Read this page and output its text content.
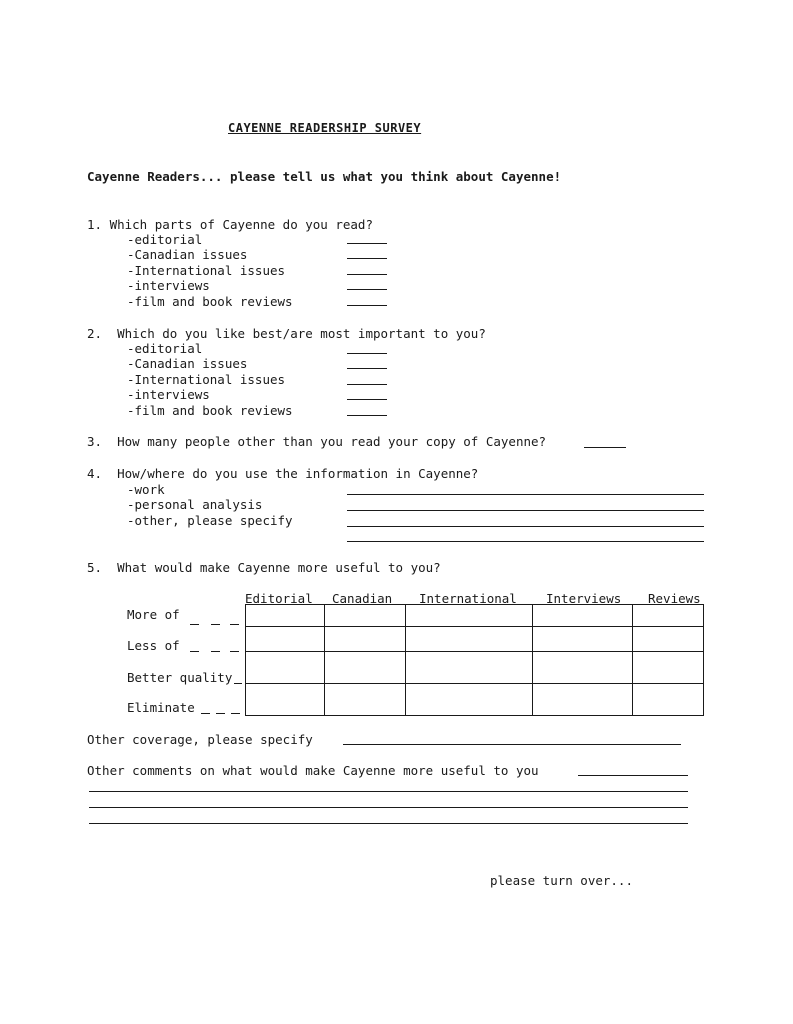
CAYENNE READERSHIP SURVEY
Cayenne Readers... please tell us what you think about Cayenne!
1. Which parts of Cayenne do you read?
-editorial
-Canadian issues
-International issues
-interviews
-film and book reviews
2.  Which do you like best/are most important to you?
-editorial
-Canadian issues
-International issues
-interviews
-film and book reviews
3.  How many people other than you read your copy of Cayenne?
4.  How/where do you use the information in Cayenne?
-work
-personal analysis
-other, please specify
5.  What would make Cayenne more useful to you?
Editorial Canadian International Interviews Reviews
More of
Less of
Better quality
Eliminate
Other coverage, please specify
Other comments on what would make Cayenne more useful to you
please turn over...
